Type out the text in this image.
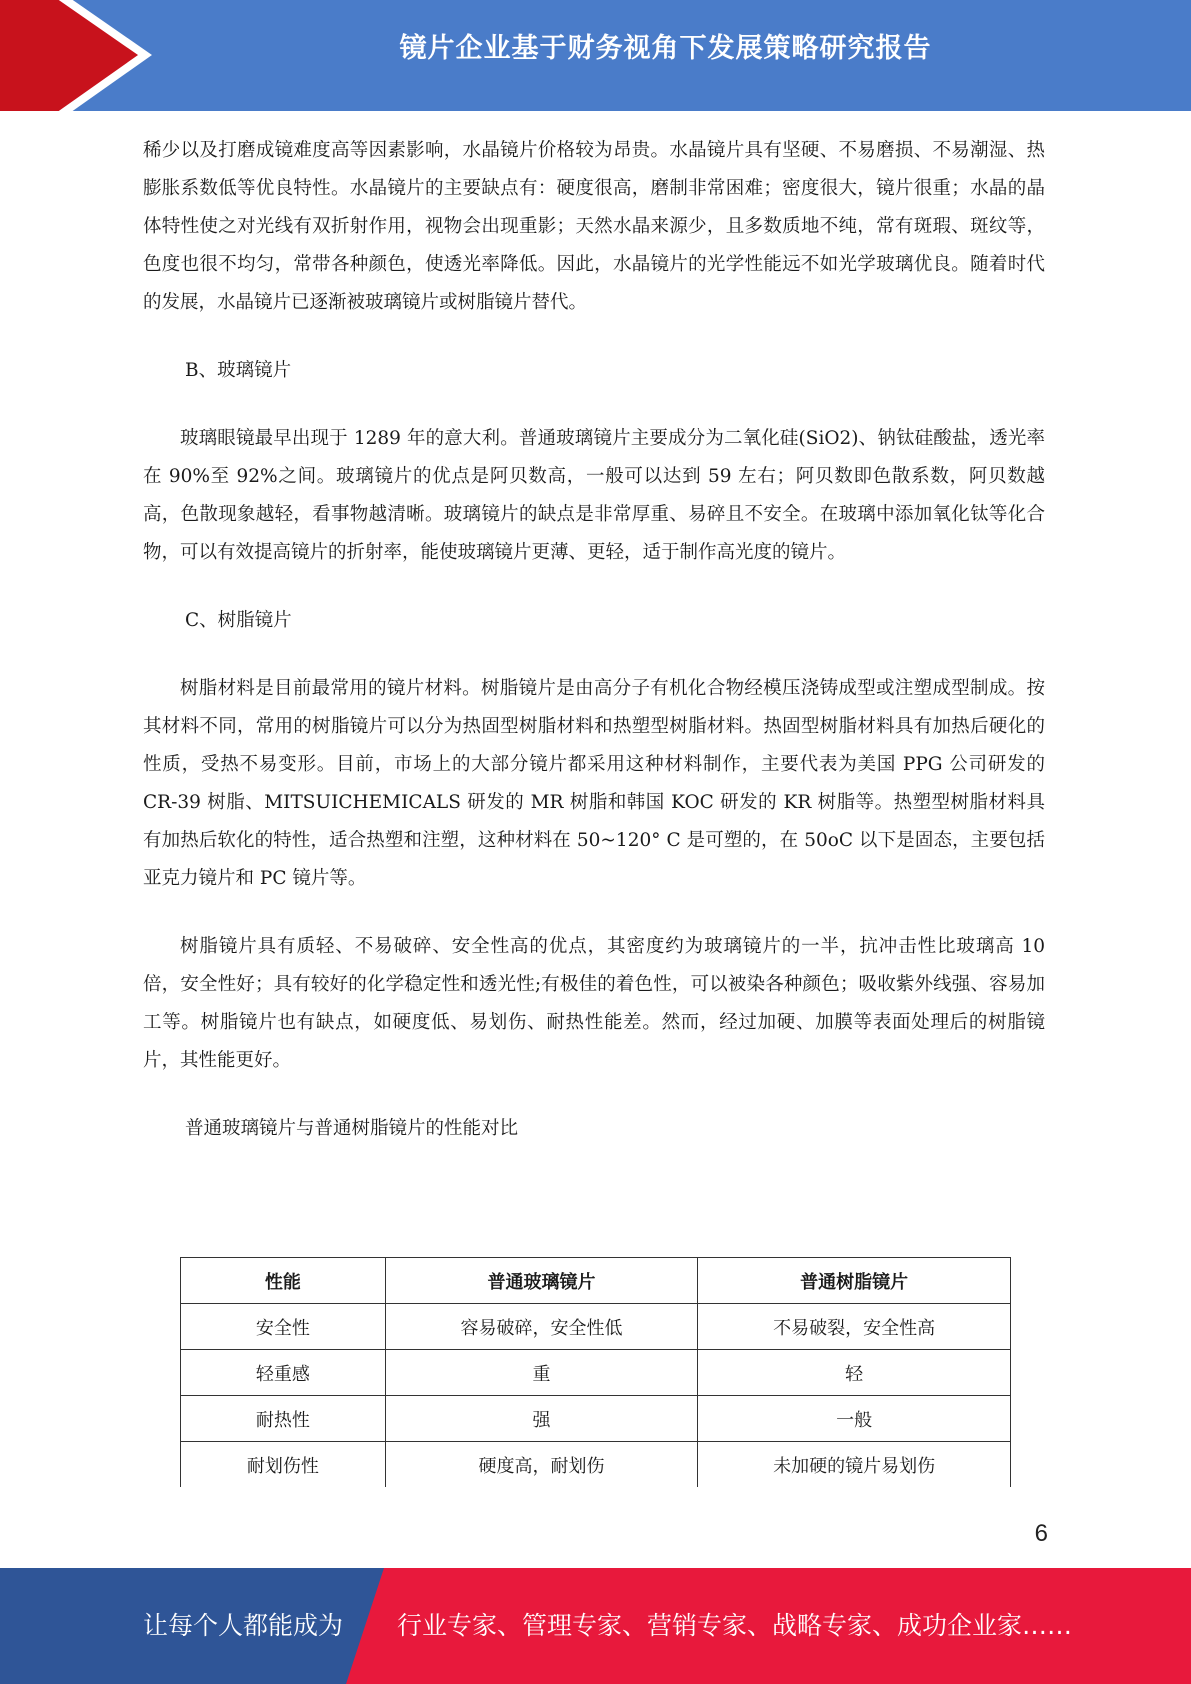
镜片企业基于财务视角下发展策略研究报告

稀少以及打磨成镜难度高等因素影响，水晶镜片价格较为昂贵。水晶镜片具有坚硬、不易磨损、不易潮湿、热膨胀系数低等优良特性。水晶镜片的主要缺点有：硬度很高，磨制非常困难；密度很大，镜片很重；水晶的晶体特性使之对光线有双折射作用，视物会出现重影；天然水晶来源少，且多数质地不纯，常有斑瑕、斑纹等，色度也很不均匀，常带各种颜色，使透光率降低。因此，水晶镜片的光学性能远不如光学玻璃优良。随着时代的发展，水晶镜片已逐渐被玻璃镜片或树脂镜片替代。

B、玻璃镜片

玻璃眼镜最早出现于 1289 年的意大利。普通玻璃镜片主要成分为二氧化硅(SiO2)、钠钛硅酸盐，透光率在 90%至 92%之间。玻璃镜片的优点是阿贝数高，一般可以达到 59 左右；阿贝数即色散系数，阿贝数越高，色散现象越轻，看事物越清晰。玻璃镜片的缺点是非常厚重、易碎且不安全。在玻璃中添加氧化钛等化合物，可以有效提高镜片的折射率，能使玻璃镜片更薄、更轻，适于制作高光度的镜片。

C、树脂镜片

树脂材料是目前最常用的镜片材料。树脂镜片是由高分子有机化合物经模压浇铸成型或注塑成型制成。按其材料不同，常用的树脂镜片可以分为热固型树脂材料和热塑型树脂材料。热固型树脂材料具有加热后硬化的性质，受热不易变形。目前，市场上的大部分镜片都采用这种材料制作，主要代表为美国 PPG 公司研发的 CR-39 树脂、MITSUICHEMICALS 研发的 MR 树脂和韩国 KOC 研发的 KR 树脂等。热塑型树脂材料具有加热后软化的特性，适合热塑和注塑，这种材料在 50~120° C 是可塑的，在 50oC 以下是固态，主要包括亚克力镜片和 PC 镜片等。

树脂镜片具有质轻、不易破碎、安全性高的优点，其密度约为玻璃镜片的一半，抗冲击性比玻璃高 10 倍，安全性好；具有较好的化学稳定性和透光性;有极佳的着色性，可以被染各种颜色；吸收紫外线强、容易加工等。树脂镜片也有缺点，如硬度低、易划伤、耐热性能差。然而，经过加硬、加膜等表面处理后的树脂镜片，其性能更好。

普通玻璃镜片与普通树脂镜片的性能对比

性能	普通玻璃镜片	普通树脂镜片
安全性	容易破碎，安全性低	不易破裂，安全性高
轻重感	重	轻
耐热性	强	一般
耐划伤性	硬度高，耐划伤	未加硬的镜片易划伤
6
让每个人都能成为 行业专家、管理专家、营销专家、战略专家、成功企业家……
